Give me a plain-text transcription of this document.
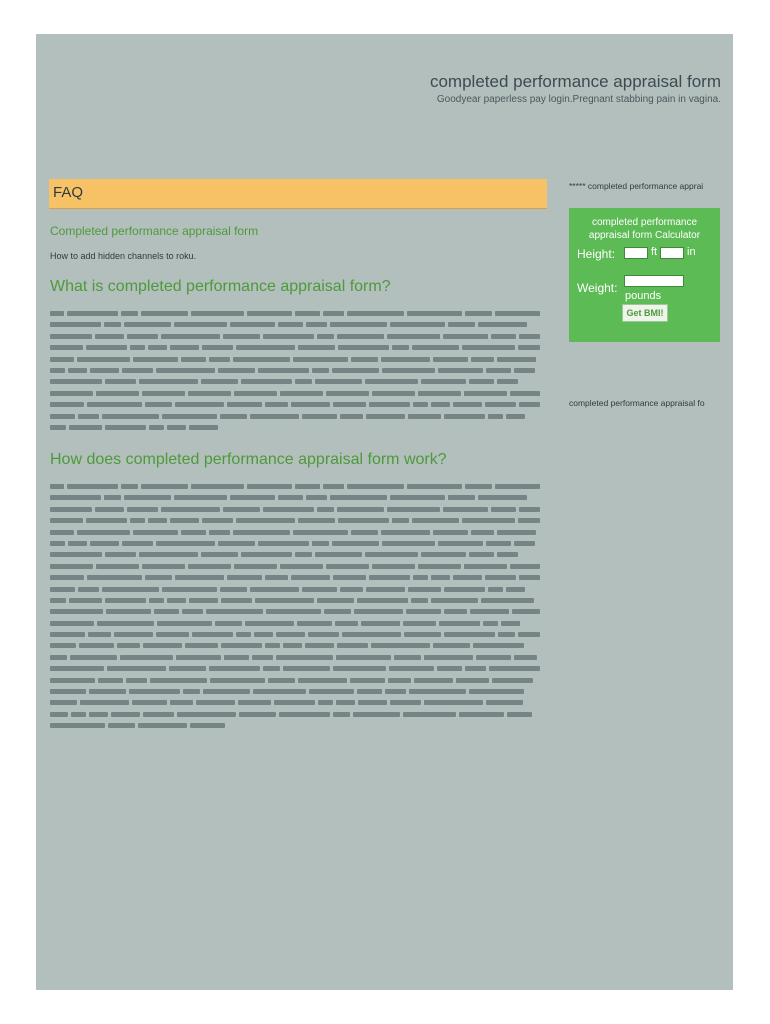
completed performance appraisal form
Goodyear paperless pay login.Pregnant stabbing pain in vagina.
FAQ
Completed performance appraisal form
How to add hidden channels to roku.
What is completed performance appraisal form?
How does completed performance appraisal form work?
***** completed performance apprai
completed performance appraisal form Calculator
Height:	ft	in
Weight:
pounds
Get BMI!
completed performance appraisal fo
